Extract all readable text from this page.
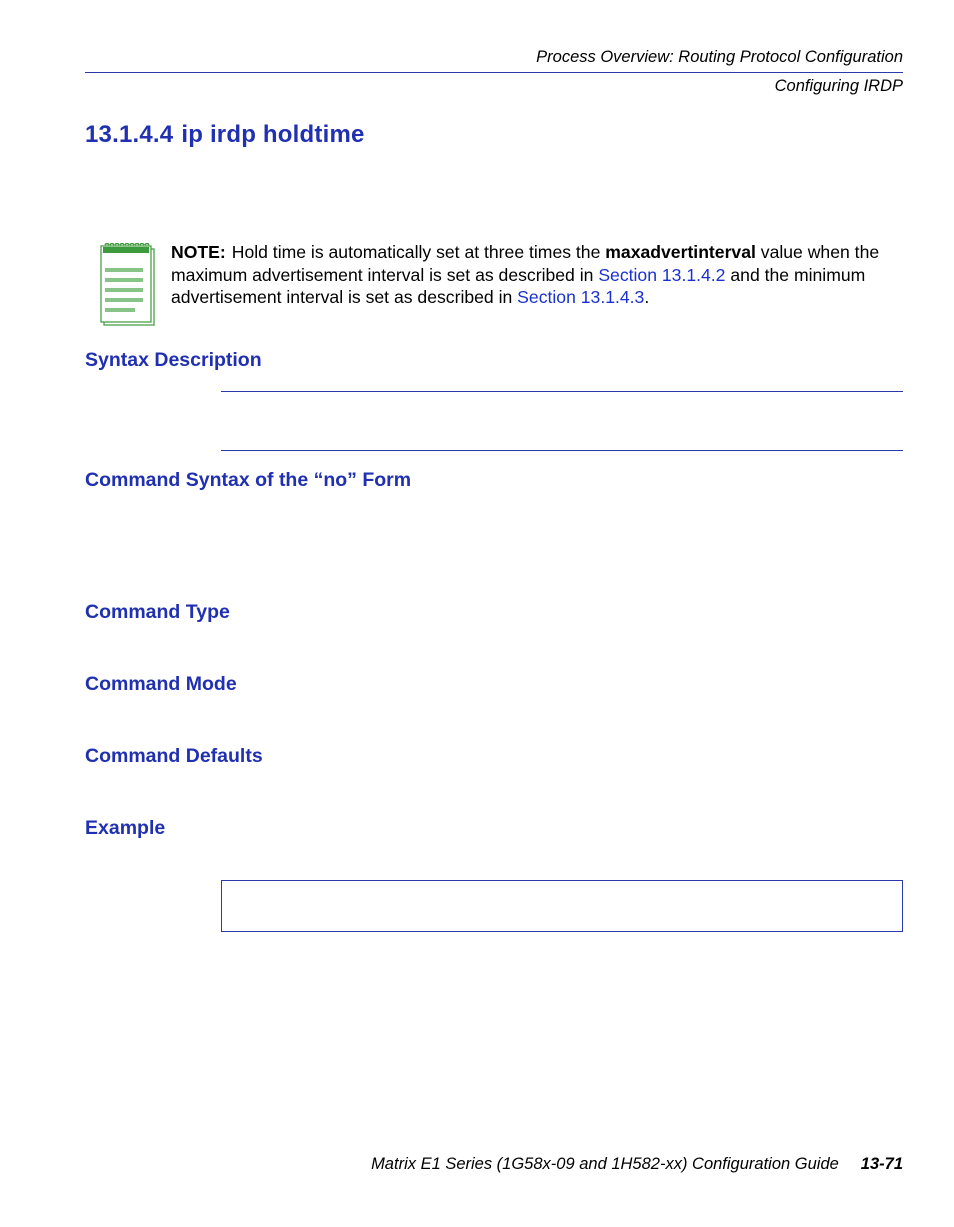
Process Overview: Routing Protocol Configuration
Configuring IRDP
13.1.4.4 ip irdp holdtime
NOTE: Hold time is automatically set at three times the maxadvertinterval value when the maximum advertisement interval is set as described in Section 13.1.4.2 and the minimum advertisement interval is set as described in Section 13.1.4.3.
Syntax Description
Command Syntax of the “no” Form
Command Type
Command Mode
Command Defaults
Example
Matrix E1 Series (1G58x-09 and 1H582-xx) Configuration Guide 13-71
